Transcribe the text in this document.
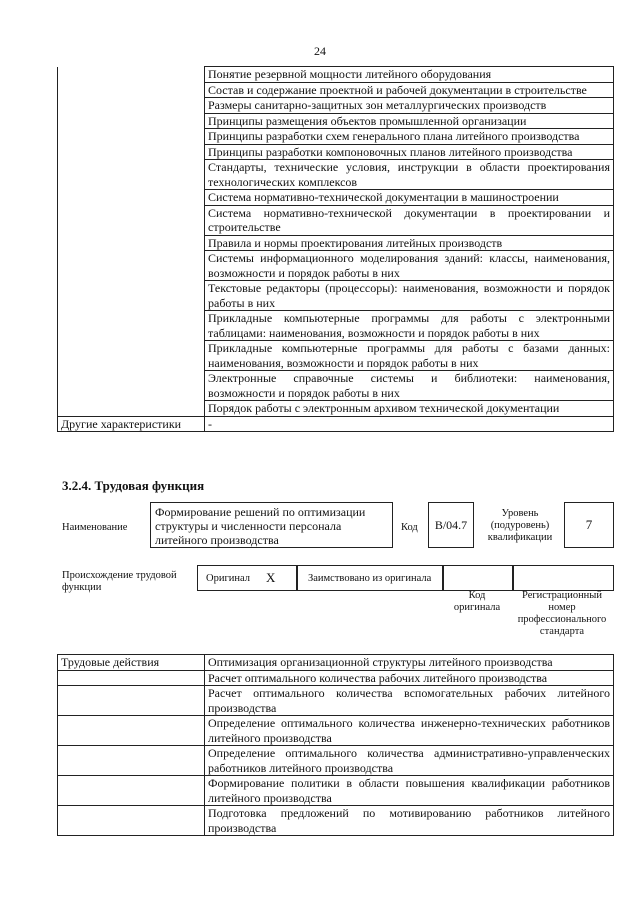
24
	Понятие резервной мощности литейного оборудования
	Состав и содержание проектной и рабочей документации в строительстве
	Размеры санитарно-защитных зон металлургических производств
	Принципы размещения объектов промышленной организации
	Принципы разработки схем генерального плана литейного производства
	Принципы разработки компоновочных планов литейного производства
	Стандарты, технические условия, инструкции в области проектирования технологических комплексов
	Система нормативно-технической документации в машиностроении
	Система нормативно-технической документации в проектировании и строительстве
	Правила и нормы проектирования литейных производств
	Системы информационного моделирования зданий: классы, наименования, возможности и порядок работы в них
	Текстовые редакторы (процессоры): наименования, возможности и порядок работы в них
	Прикладные компьютерные программы для работы с электронными таблицами: наименования, возможности и порядок работы в них
	Прикладные компьютерные программы для работы с базами данных: наименования, возможности и порядок работы в них
	Электронные справочные системы и библиотеки: наименования, возможности и порядок работы в них
	Порядок работы с электронным архивом технической документации
Другие характеристики	-
3.2.4. Трудовая функция
Наименование
Формирование решений по оптимизации структуры и численности персонала литейного производства
Код	B/04.7
Уровень (подуровень) квалификации
7
Происхождение трудовой функции
Оригинал X	Заимствовано из оригинала
Код оригинала
Регистрационный номер профессионального стандарта
Трудовые действия	Оптимизация организационной структуры литейного производства
	Расчет оптимального количества рабочих литейного производства
	Расчет оптимального количества вспомогательных рабочих литейного производства
	Определение оптимального количества инженерно-технических работников литейного производства
	Определение оптимального количества административно-управленческих работников литейного производства
	Формирование политики в области повышения квалификации работников литейного производства
	Подготовка предложений по мотивированию работников литейного производства
